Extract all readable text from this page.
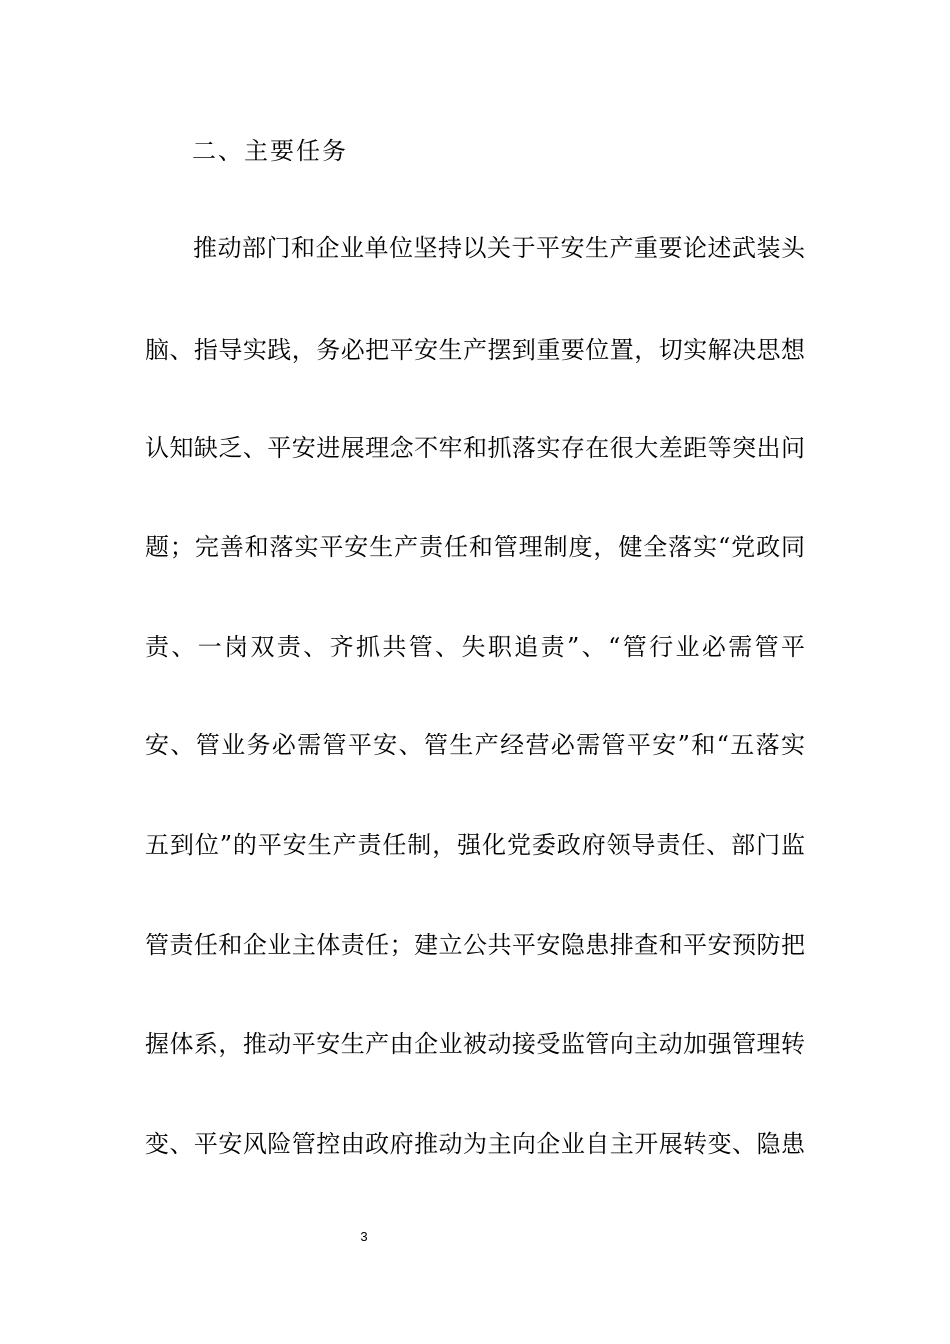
二、主要任务
推动部门和企业单位坚持以关于平安生产重要论述武装头
脑、指导实践，务必把平安生产摆到重要位置，切实解决思想
认知缺乏、平安进展理念不牢和抓落实存在很大差距等突出问
题；完善和落实平安生产责任和管理制度，健全落实“党政同
责、一岗双责、齐抓共管、失职追责”、“管行业必需管平
安、管业务必需管平安、管生产经营必需管平安”和“五落实
五到位”的平安生产责任制，强化党委政府领导责任、部门监
管责任和企业主体责任；建立公共平安隐患排查和平安预防把
握体系，推动平安生产由企业被动接受监管向主动加强管理转
变、平安风险管控由政府推动为主向企业自主开展转变、隐患
3
